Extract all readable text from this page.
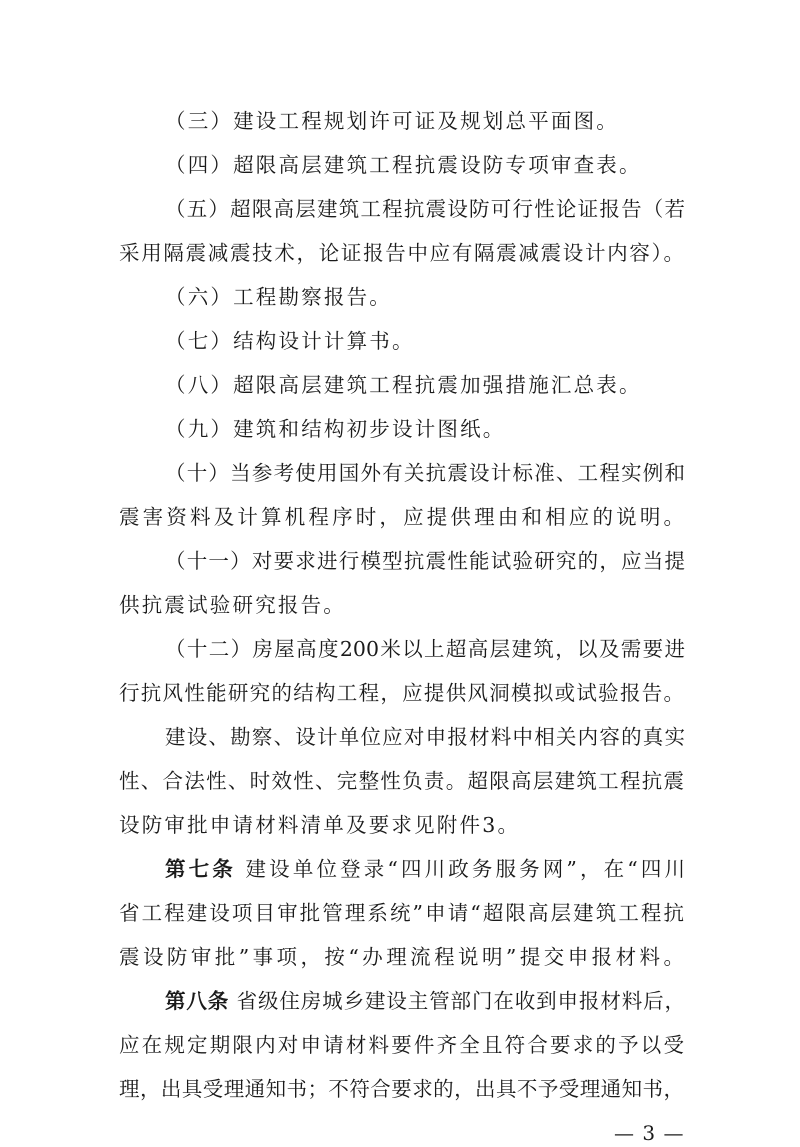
（三）建设工程规划许可证及规划总平面图。
（四）超限高层建筑工程抗震设防专项审查表。
（五）超限高层建筑工程抗震设防可行性论证报告（若
采用隔震减震技术，论证报告中应有隔震减震设计内容）。
（六）工程勘察报告。
（七）结构设计计算书。
（八）超限高层建筑工程抗震加强措施汇总表。
（九）建筑和结构初步设计图纸。
（十）当参考使用国外有关抗震设计标准、工程实例和
震害资料及计算机程序时，应提供理由和相应的说明。
（十一）对要求进行模型抗震性能试验研究的，应当提
供抗震试验研究报告。
（十二）房屋高度200米以上超高层建筑，以及需要进
行抗风性能研究的结构工程，应提供风洞模拟或试验报告。
建设、勘察、设计单位应对申报材料中相关内容的真实
性、合法性、时效性、完整性负责。超限高层建筑工程抗震
设防审批申请材料清单及要求见附件3。
第七条 建设单位登录“四川政务服务网”，在“四川
省工程建设项目审批管理系统”申请“超限高层建筑工程抗
震设防审批”事项，按“办理流程说明”提交申报材料。
第八条 省级住房城乡建设主管部门在收到申报材料后，
应在规定期限内对申请材料要件齐全且符合要求的予以受
理，出具受理通知书；不符合要求的，出具不予受理通知书，
— 3 —
